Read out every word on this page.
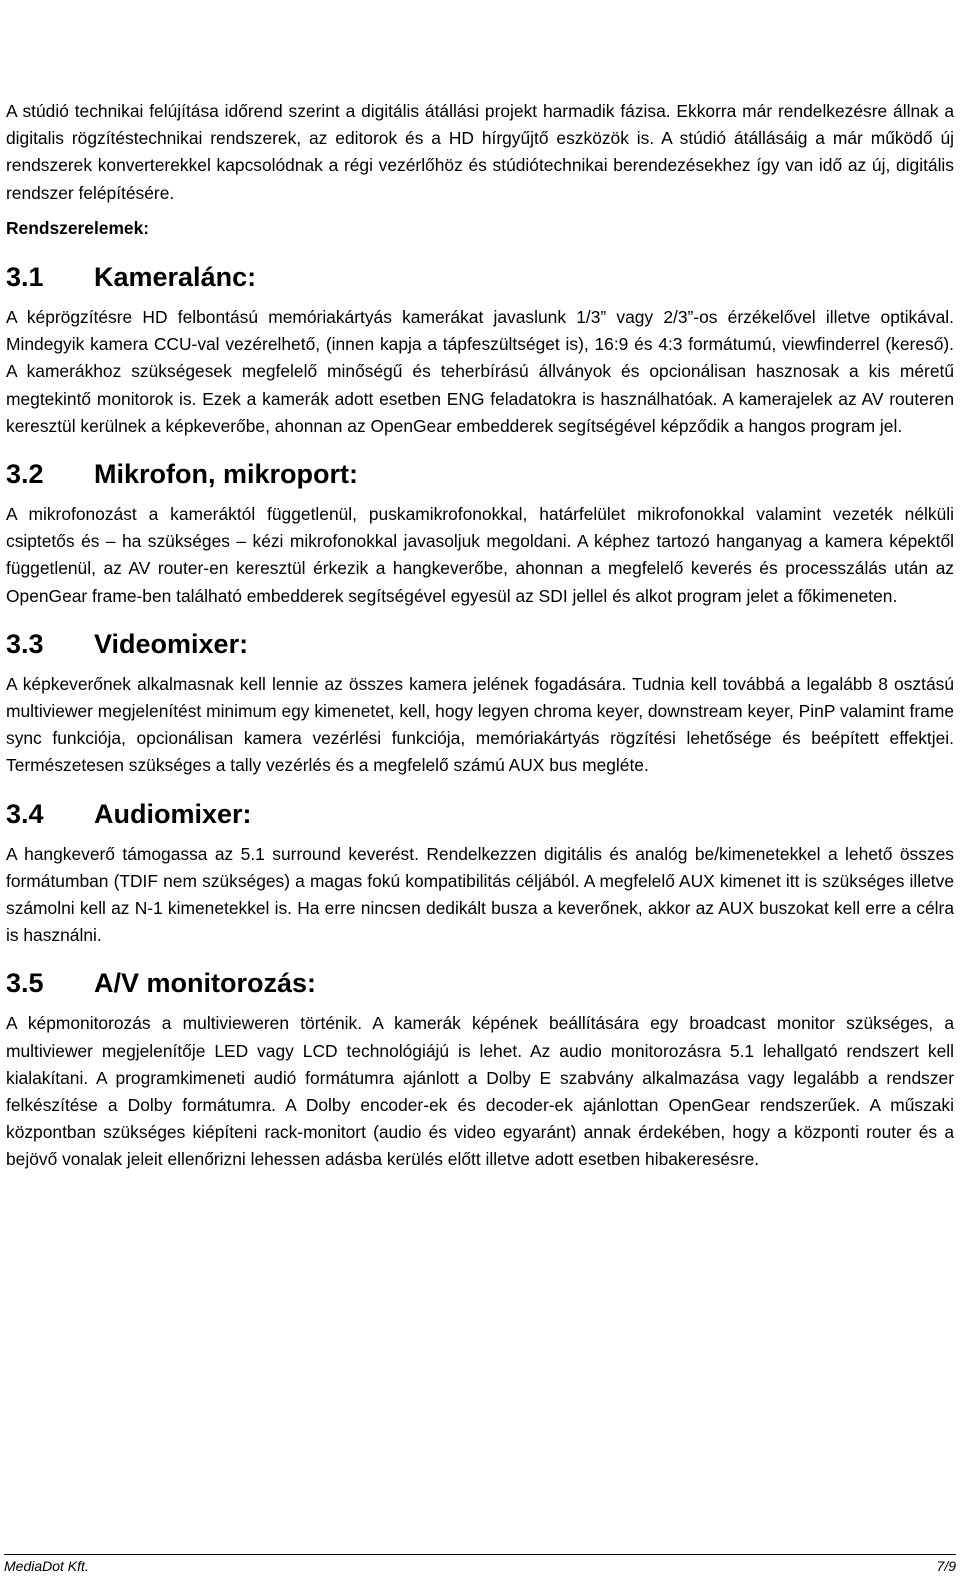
A stúdió technikai felújítása időrend szerint a digitális átállási projekt harmadik fázisa. Ekkorra már rendelkezésre állnak a digitalis rögzítéstechnikai rendszerek, az editorok és a HD hírgyűjtő eszközök is. A stúdió átállásáig a már működő új rendszerek konverterekkel kapcsolódnak a régi vezérlőhöz és stúdiótechnikai berendezésekhez így van idő az új, digitális rendszer felépítésére.

Rendszerelemek:
3.1 Kameralánc:

A képrögzítésre HD felbontású memóriakártyás kamerákat javaslunk 1/3” vagy 2/3”-os érzékelővel illetve optikával. Mindegyik kamera CCU-val vezérelhető, (innen kapja a tápfeszültséget is), 16:9 és 4:3 formátumú, viewfinderrel (kereső). A kamerákhoz szükségesek megfelelő minőségű és teherbírású állványok és opcionálisan hasznosak a kis méretű megtekintő monitorok is. Ezek a kamerák adott esetben ENG feladatokra is használhatóak. A kamerajelek az AV routeren keresztül kerülnek a képkeverőbe, ahonnan az OpenGear embedderek segítségével képződik a hangos program jel.

3.2 Mikrofon, mikroport:

A mikrofonozást a kameráktól függetlenül, puskamikrofonokkal, határfelület mikrofonokkal valamint vezeték nélküli csiptetős és – ha szükséges – kézi mikrofonokkal javasoljuk megoldani. A képhez tartozó hanganyag a kamera képektől függetlenül, az AV router-en keresztül érkezik a hangkeverőbe, ahonnan a megfelelő keverés és processzálás után az OpenGear frame-ben található embedderek segítségével egyesül az SDI jellel és alkot program jelet a főkimeneten.

3.3 Videomixer:

A képkeverőnek alkalmasnak kell lennie az összes kamera jelének fogadására. Tudnia kell továbbá a legalább 8 osztású multiviewer megjelenítést minimum egy kimenetet, kell, hogy legyen chroma keyer, downstream keyer, PinP valamint frame sync funkciója, opcionálisan kamera vezérlési funkciója, memóriakártyás rögzítési lehetősége és beépített effektjei. Természetesen szükséges a tally vezérlés és a megfelelő számú AUX bus megléte.

3.4 Audiomixer:

A hangkeverő támogassa az 5.1 surround keverést. Rendelkezzen digitális és analóg be/kimenetekkel a lehető összes formátumban (TDIF nem szükséges) a magas fokú kompatibilitás céljából. A megfelelő AUX kimenet itt is szükséges illetve számolni kell az N-1 kimenetekkel is. Ha erre nincsen dedikált busza a keverőnek, akkor az AUX buszokat kell erre a célra is használni.

3.5 A/V monitorozás:

A képmonitorozás a multivieweren történik. A kamerák képének beállítására egy broadcast monitor szükséges, a multiviewer megjelenítője LED vagy LCD technológiájú is lehet. Az audio monitorozásra 5.1 lehallgató rendszert kell kialakítani. A programkimeneti audió formátumra ajánlott a Dolby E szabvány alkalmazása vagy legalább a rendszer felkészítése a Dolby formátumra. A Dolby encoder-ek és decoder-ek ajánlottan OpenGear rendszerűek. A műszaki központban szükséges kiépíteni rack-monitort (audio és video egyaránt) annak érdekében, hogy a központi router és a bejövő vonalak jeleit ellenőrizni lehessen adásba kerülés előtt illetve adott esetben hibakeresésre.

MediaDot Kft.	7/9
